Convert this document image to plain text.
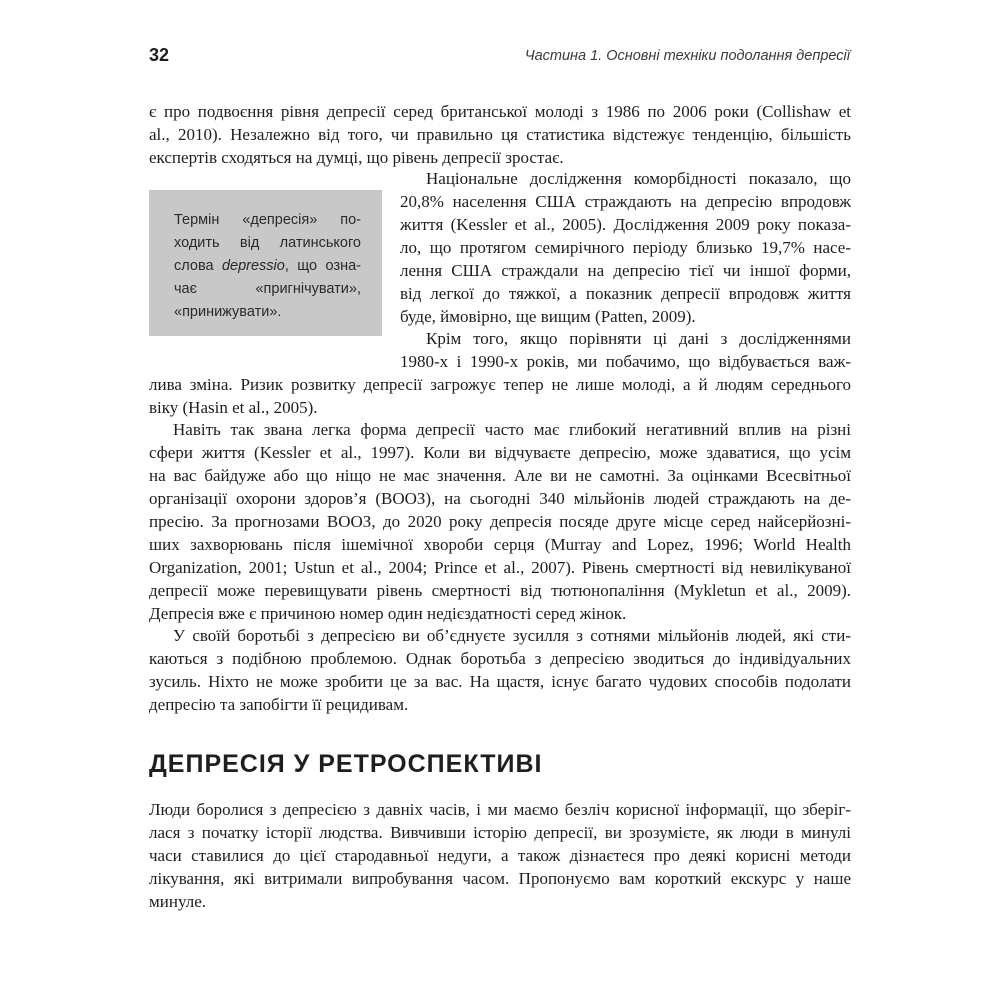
32	Частина 1. Основні техніки подолання депресії
є про подвоєння рівня депресії серед британської молоді з 1986 по 2006 роки (Collishaw et
al., 2010). Незалежно від того, чи правильно ця статистика відстежує тенденцію, більшість
експертів сходяться на думці, що рівень депресії зростає.
Національне дослідження коморбідності показало, що
20,8% населення США страждають на депресію впродовж
життя (Kessler et al., 2005). Дослідження 2009 року показа-
ло, що протягом семирічного періоду близько 19,7% насе-
лення США страждали на депресію тієї чи іншої форми,
від легкої до тяжкої, а показник депресії впродовж життя
буде, ймовірно, ще вищим (Patten, 2009).
Крім того, якщо порівняти ці дані з дослідженнями
1980-х і 1990-х років, ми побачимо, що відбувається важ-
лива зміна. Ризик розвитку депресії загрожує тепер не лише молоді, а й людям середнього
віку (Hasin et al., 2005).
Навіть так звана легка форма депресії часто має глибокий негативний вплив на різні
сфери життя (Kessler et al., 1997). Коли ви відчуваєте депресію, може здаватися, що усім
на вас байдуже або що ніщо не має значення. Але ви не самотні. За оцінками Всесвітньої
організації охорони здоров’я (ВООЗ), на сьогодні 340 мільйонів людей страждають на де-
пресію. За прогнозами ВООЗ, до 2020 року депресія посяде друге місце серед найсерйозні-
ших захворювань після ішемічної хвороби серця (Murray and Lopez, 1996; World Health
Organization, 2001; Ustun et al., 2004; Prince et al., 2007). Рівень смертності від невилікуваної
депресії може перевищувати рівень смертності від тютюнопаління (Mykletun et al., 2009).
Депресія вже є причиною номер один недієздатності серед жінок.
У своїй боротьбі з депресією ви об’єднуєте зусилля з сотнями мільйонів людей, які сти-
каються з подібною проблемою. Однак боротьба з депресією зводиться до індивідуальних
зусиль. Ніхто не може зробити це за вас. На щастя, існує багато чудових способів подолати
депресію та запобігти її рецидивам.
Термін «депресія» по-
ходить від латинського
слова depressio, що озна-
чає «пригнічувати»,
«принижувати».
ДЕПРЕСІЯ У РЕТРОСПЕКТИВІ
Люди боролися з депресією з давніх часів, і ми маємо безліч корисної інформації, що зберіг-
лася з початку історії людства. Вивчивши історію депресії, ви зрозумієте, як люди в минулі
часи ставилися до цієї стародавньої недуги, а також дізнаєтеся про деякі корисні методи
лікування, які витримали випробування часом. Пропонуємо вам короткий екскурс у наше
минуле.
